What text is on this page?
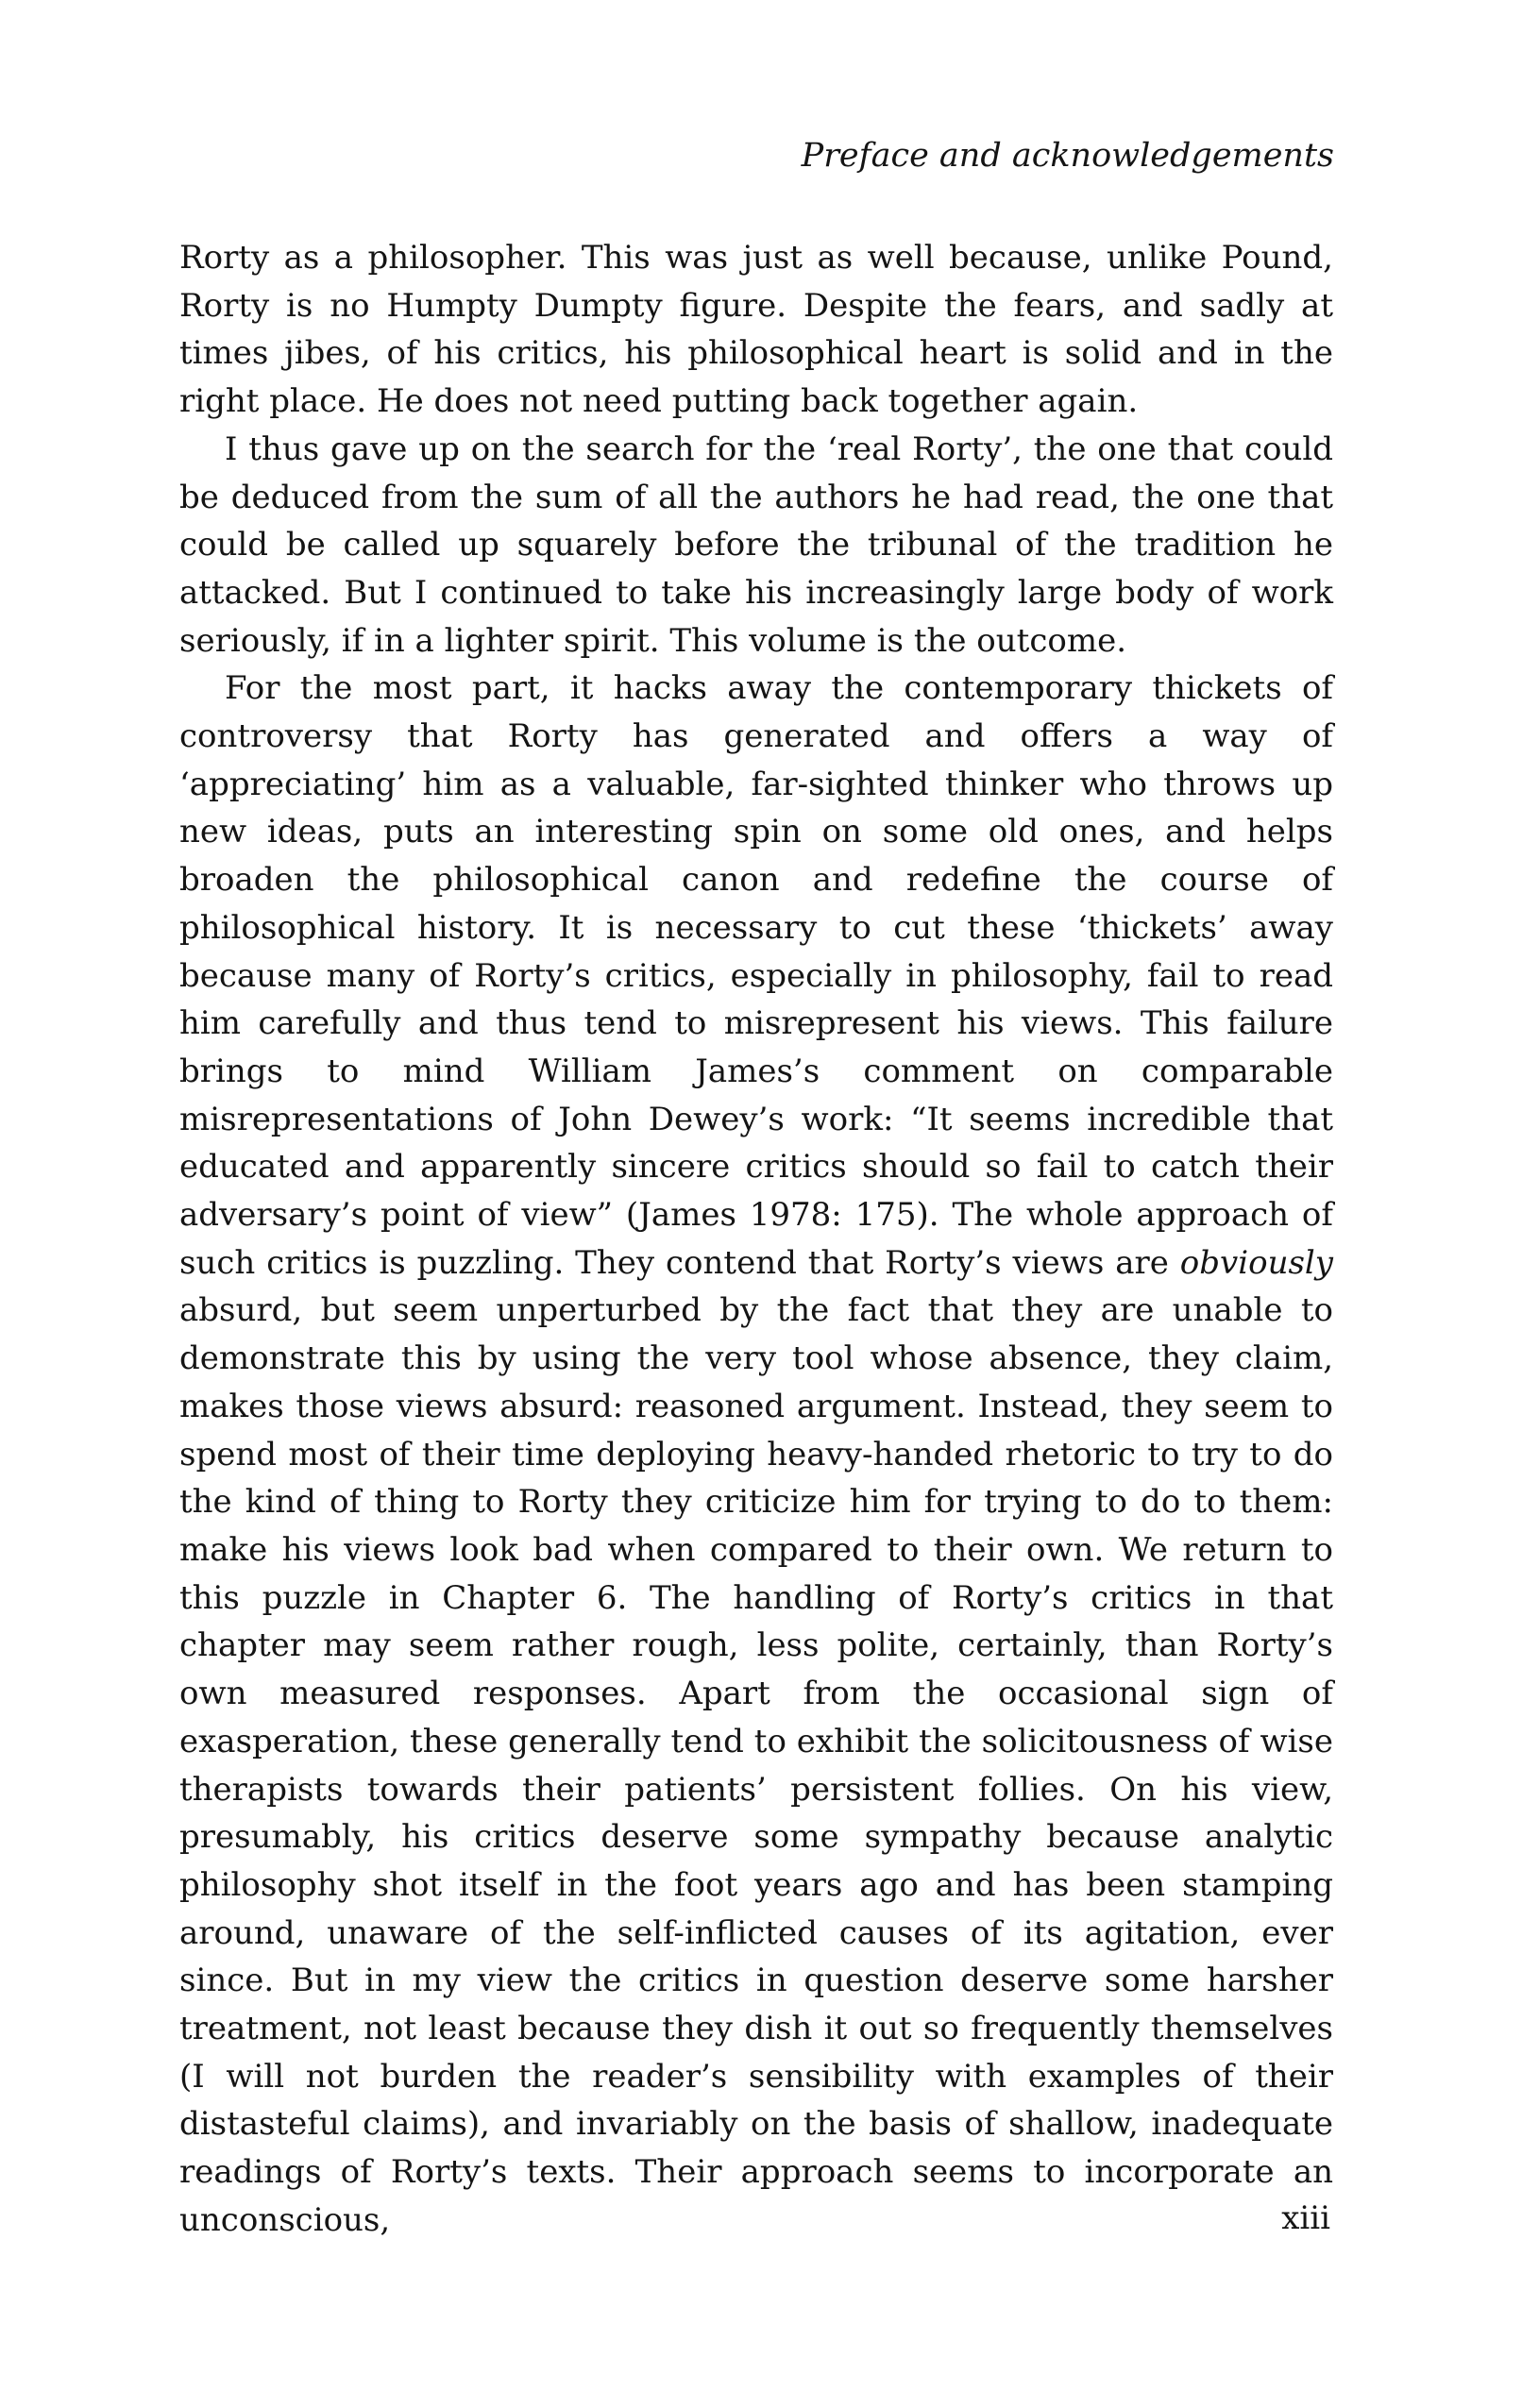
Preface and acknowledgements

Rorty as a philosopher. This was just as well because, unlike Pound, Rorty is no Humpty Dumpty figure. Despite the fears, and sadly at times jibes, of his critics, his philosophical heart is solid and in the right place. He does not need putting back together again.

I thus gave up on the search for the ‘real Rorty’, the one that could be deduced from the sum of all the authors he had read, the one that could be called up squarely before the tribunal of the tradition he attacked. But I continued to take his increasingly large body of work seriously, if in a lighter spirit. This volume is the outcome.

For the most part, it hacks away the contemporary thickets of controversy that Rorty has generated and offers a way of ‘appreciating’ him as a valuable, far-sighted thinker who throws up new ideas, puts an interesting spin on some old ones, and helps broaden the philosophical canon and redefine the course of philosophical history. It is necessary to cut these ‘thickets’ away because many of Rorty’s critics, especially in philosophy, fail to read him carefully and thus tend to misrepresent his views. This failure brings to mind William James’s comment on comparable misrepresentations of John Dewey’s work: “It seems incredible that educated and apparently sincere critics should so fail to catch their adversary’s point of view” (James 1978: 175). The whole approach of such critics is puzzling. They contend that Rorty’s views are obviously absurd, but seem unperturbed by the fact that they are unable to demonstrate this by using the very tool whose absence, they claim, makes those views absurd: reasoned argument. Instead, they seem to spend most of their time deploying heavy-handed rhetoric to try to do the kind of thing to Rorty they criticize him for trying to do to them: make his views look bad when compared to their own. We return to this puzzle in Chapter 6. The handling of Rorty’s critics in that chapter may seem rather rough, less polite, certainly, than Rorty’s own measured responses. Apart from the occasional sign of exasperation, these generally tend to exhibit the solicitousness of wise therapists towards their patients’ persistent follies. On his view, presumably, his critics deserve some sympathy because analytic philosophy shot itself in the foot years ago and has been stamping around, unaware of the self-inflicted causes of its agitation, ever since. But in my view the critics in question deserve some harsher treatment, not least because they dish it out so frequently themselves (I will not burden the reader’s sensibility with examples of their distasteful claims), and invariably on the basis of shallow, inadequate readings of Rorty’s texts. Their approach seems to incorporate an unconscious,	xiii
